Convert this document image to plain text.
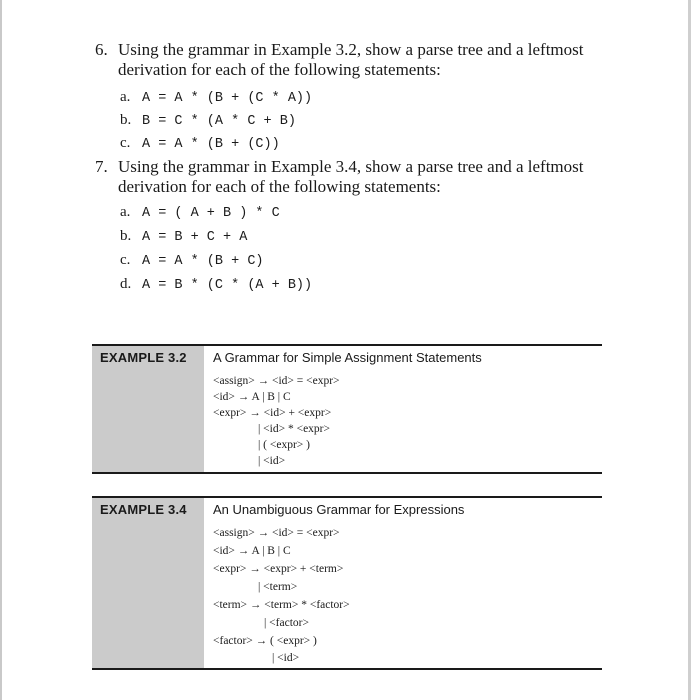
6. Using the grammar in Example 3.2, show a parse tree and a leftmost
derivation for each of the following statements:
a. A = A * (B + (C * A))
b. B = C * (A * C + B)
c. A = A * (B + (C))
7. Using the grammar in Example 3.4, show a parse tree and a leftmost
derivation for each of the following statements:
a. A = ( A + B ) * C
b. A = B + C + A
c. A = A * (B + C)
d. A = B * (C * (A + B))
EXAMPLE 3.2 A Grammar for Simple Assignment Statements
<assign> → <id> = <expr>
<id> → A | B | C
<expr> → <id> + <expr>
| <id> * <expr>
| ( <expr> )
| <id>
EXAMPLE 3.4 An Unambiguous Grammar for Expressions
<assign> → <id> = <expr>
<id> → A | B | C
<expr> → <expr> + <term>
| <term>
<term> → <term> * <factor>
| <factor>
<factor> → ( <expr> )
| <id>
